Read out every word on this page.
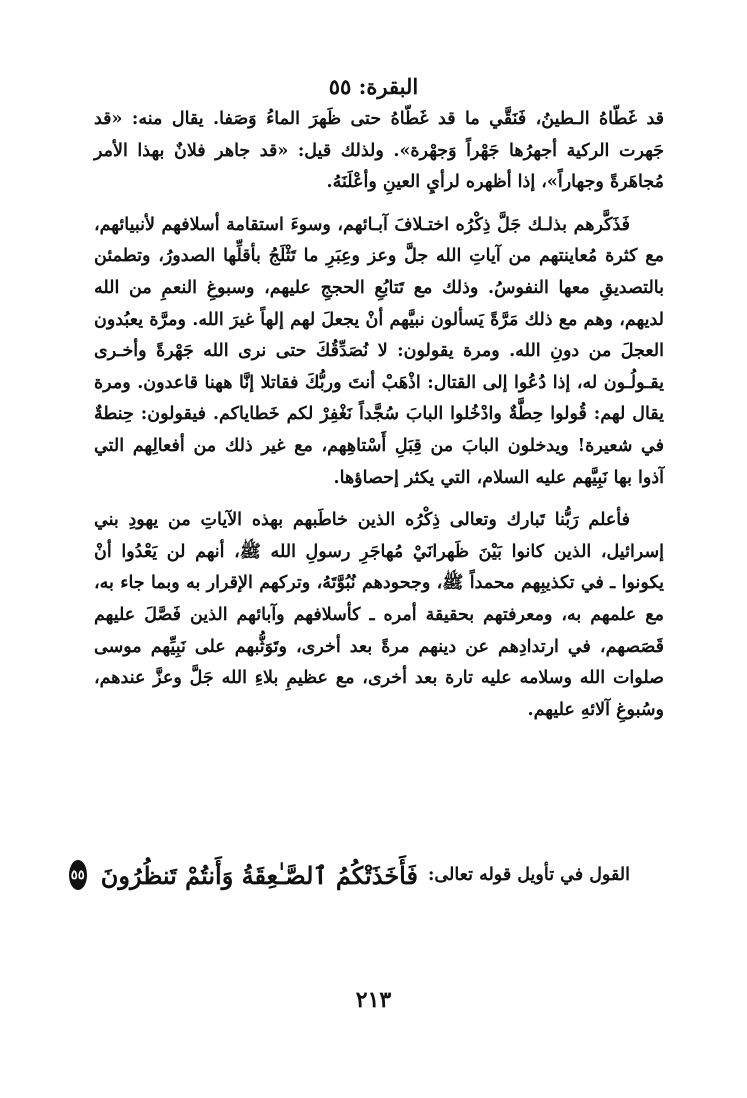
البقرة: ٥٥

قد غَطّاهُ الـطينُ، فَنَقَّي ما قد غَطّاهُ حتى ظَهرَ الماءُ وَصَفا. يقال منه: «قد جَهرت الركية أجهرُها جَهْراً وَجهْرة». ولذلك قيل: «قد جاهر فلانٌ بهذا الأمر مُجاهَرةً وجهاراً»، إذا أظهره لرأيِ العينِ وأعْلَنَهُ.

فَذَكَّرهم بذلـك جَلَّ ذِكْرُه اختـلافَ آبـائهم، وسوءَ استقامة أسلافهم لأنبيائهم، مع كثرة مُعاينتهم من آياتِ الله جلَّ وعز وعِبَرِ ما تَثْلَجُ بأقلِّها الصدورُ، وتطمئن بالتصديقِ معها النفوسُ. وذلك مع تَتابُعِ الحججِ عليهم، وسبوغِ النعمِ من الله لديهم، وهم مع ذلك مَرَّةً يَسألون نبيَّهم أنْ يجعلَ لهم إلهاً غيرَ الله. ومرَّة يعبُدون العجلَ من دونِ الله. ومرة يقولون: لا نُصَدِّقُكَ حتى نرى الله جَهْرةً وأخـرى يقـولُـون له، إذا دُعُوا إلى القتال: اذْهَبْ أنتَ وربُّكَ فقاتلا إنَّا ههنا قاعدون. ومرة يقال لهم: قُولوا حِطَّةٌ وادْخُلوا البابَ سُجَّداً نَغْفِرْ لكم خَطاياكم. فيقولون: حِنطةٌ في شعيرة! ويدخلون البابَ من قِبَلِ أَسْتاهِهم، مع غير ذلك من أفعالِهم التي آذوا بها نَبِيَّهم عليه السلام، التي يكثر إحصاؤها.

فأعلم رَبُّنا تَبارك وتعالى ذِكْرُه الذين خاطَبهم بهذه الآياتِ من يهودِ بني إسرائيل، الذين كانوا بَيْنَ ظَهرانَيْ مُهاجَرِ رسولِ الله ﷺ، أنهم لن يَعْدُوا أنْ يكونوا ـ في تكذيبِهم محمداً ﷺ، وجحودهم نُبُوَّتَهُ، وتركهم الإقرار به وبما جاء به، مع علمهم به، ومعرفتهم بحقيقة أمره ـ كأسلافهم وآبائهم الذين فَصَّلَ عليهم قَصَصهم، في ارتدادِهم عن دينهم مرةً بعد أخرى، وتَوَثُّبهم على نَبِيِّهم موسى صلوات الله وسلامه عليه تارة بعد أخرى، مع عظيمِ بلاءِ الله جَلَّ وعزَّ عندهم، وسُبوغِ آلائهِ عليهم.

القول في تأويل قوله تعالى:
فَأَخَذَتْكُمُ ٱلصَّـٰعِقَةُ وَأَنتُمْ تَنظُرُونَ
٥٥
٢١٣
